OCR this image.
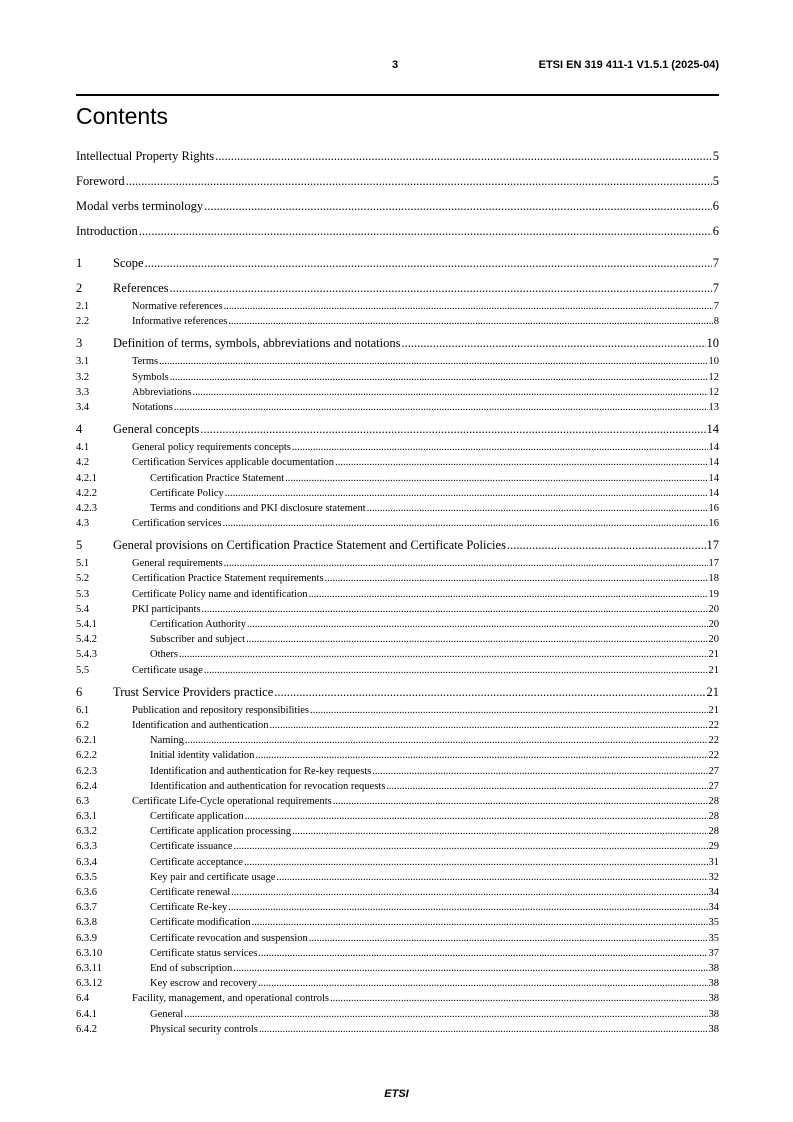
3	ETSI EN 319 411-1 V1.5.1 (2025-04)
Contents
Intellectual Property Rights .....	5
Foreword .....	5
Modal verbs terminology .....	6
Introduction .....	6
1	Scope .....	7
2	References .....	7
2.1	Normative references .....	7
2.2	Informative references .....	8
3	Definition of terms, symbols, abbreviations and notations .....	10
3.1	Terms .....	10
3.2	Symbols .....	12
3.3	Abbreviations .....	12
3.4	Notations .....	13
4	General concepts .....	14
4.1	General policy requirements concepts .....	14
4.2	Certification Services applicable documentation .....	14
4.2.1	Certification Practice Statement .....	14
4.2.2	Certificate Policy .....	14
4.2.3	Terms and conditions and PKI disclosure statement .....	16
4.3	Certification services .....	16
5	General provisions on Certification Practice Statement and Certificate Policies .....	17
5.1	General requirements .....	17
5.2	Certification Practice Statement requirements .....	18
5.3	Certificate Policy name and identification .....	19
5.4	PKI participants .....	20
5.4.1	Certification Authority .....	20
5.4.2	Subscriber and subject .....	20
5.4.3	Others .....	21
5.5	Certificate usage .....	21
6	Trust Service Providers practice .....	21
6.1	Publication and repository responsibilities .....	21
6.2	Identification and authentication .....	22
6.2.1	Naming .....	22
6.2.2	Initial identity validation .....	22
6.2.3	Identification and authentication for Re-key requests .....	27
6.2.4	Identification and authentication for revocation requests .....	27
6.3	Certificate Life-Cycle operational requirements .....	28
6.3.1	Certificate application .....	28
6.3.2	Certificate application processing .....	28
6.3.3	Certificate issuance .....	29
6.3.4	Certificate acceptance .....	31
6.3.5	Key pair and certificate usage .....	32
6.3.6	Certificate renewal .....	34
6.3.7	Certificate Re-key .....	34
6.3.8	Certificate modification .....	35
6.3.9	Certificate revocation and suspension .....	35
6.3.10	Certificate status services .....	37
6.3.11	End of subscription .....	38
6.3.12	Key escrow and recovery .....	38
6.4	Facility, management, and operational controls .....	38
6.4.1	General .....	38
6.4.2	Physical security controls .....	38
ETSI
